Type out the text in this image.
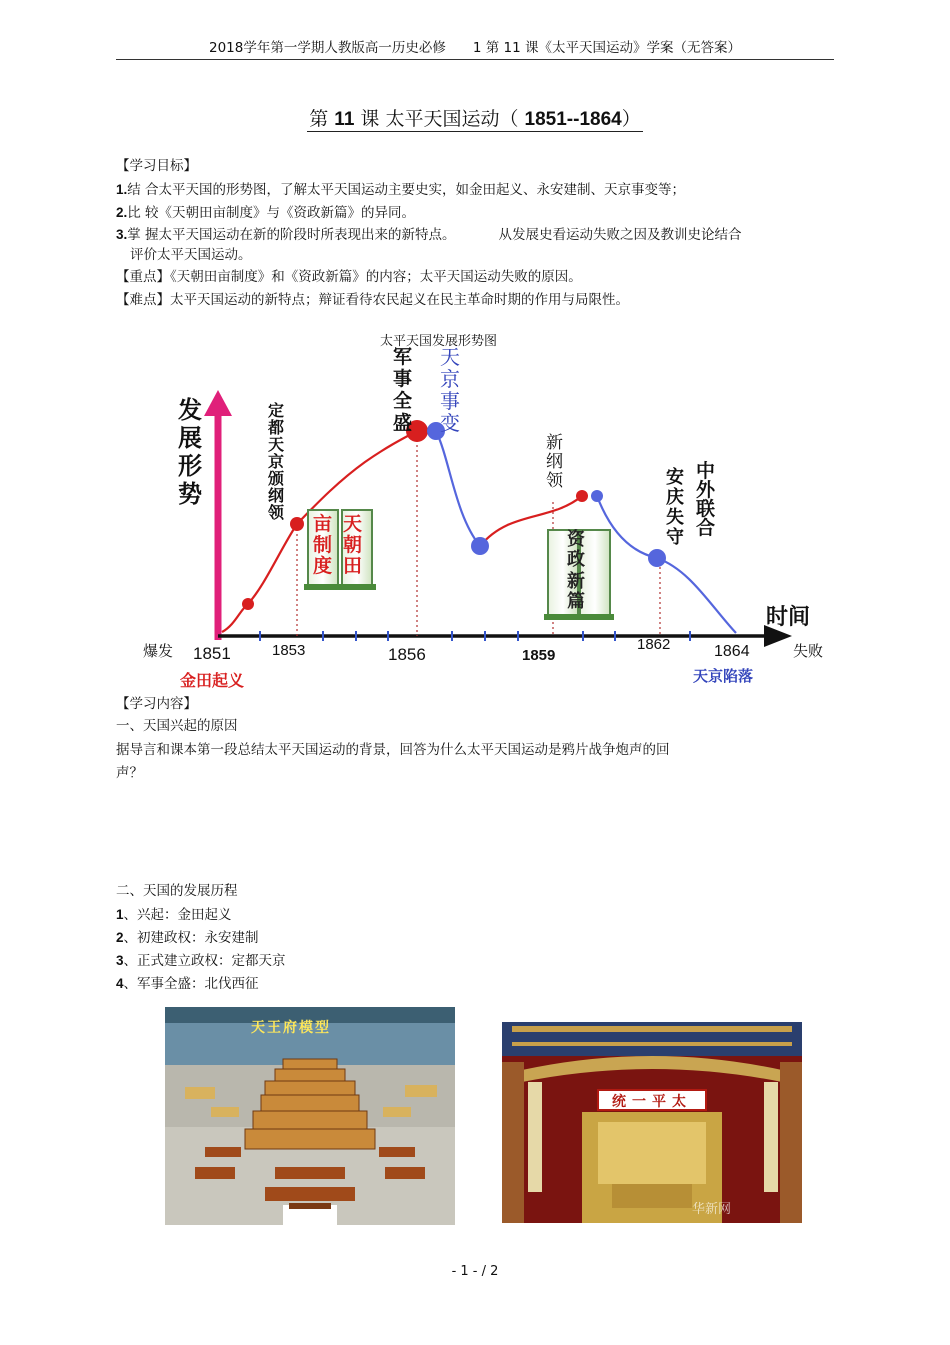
2018学年第一学期人教版高一历史必修　　1 第 11 课《太平天国运动》学案（无答案）
第 11 课 太平天国运动（ 1851--1864）
【学习目标】
1.结 合太平天国的形势图，了解太平天国运动主要史实，如金田起义、永安建制、天京事变等；
2.比 较《天朝田亩制度》与《资政新篇》的异同。
3.掌 握太平天国运动在新的阶段时所表现出来的新特点。          从发展史看运动失败之因及教训史论结合
评价太平天国运动。
【重点】《天朝田亩制度》和《资政新篇》的内容；太平天国运动失败的原因。
【难点】太平天国运动的新特点；辩证看待农民起义在民主革命时期的作用与局限性。
太平天国发展形势图
发展形势
时间
爆发	失败
1851	1853	1856	1859
1862	1864
金田起义
定都天京颁纲领
军事全盛
天京事变
新纲领	安庆失守
中外联合
天京陷落
天朝田
亩制度
资政
新篇
【学习内容】
一、天国兴起的原因
据导言和课本第一段总结太平天国运动的背景，回答为什么太平天国运动是鸦片战争炮声的回
声？
二、天国的发展历程
1、兴起：金田起义
2、初建政权：永安建制
3、正式建立政权：定都天京
4、军事全盛：北伐西征
天王府模型
统一平太
华新网
- 1 - / 2
